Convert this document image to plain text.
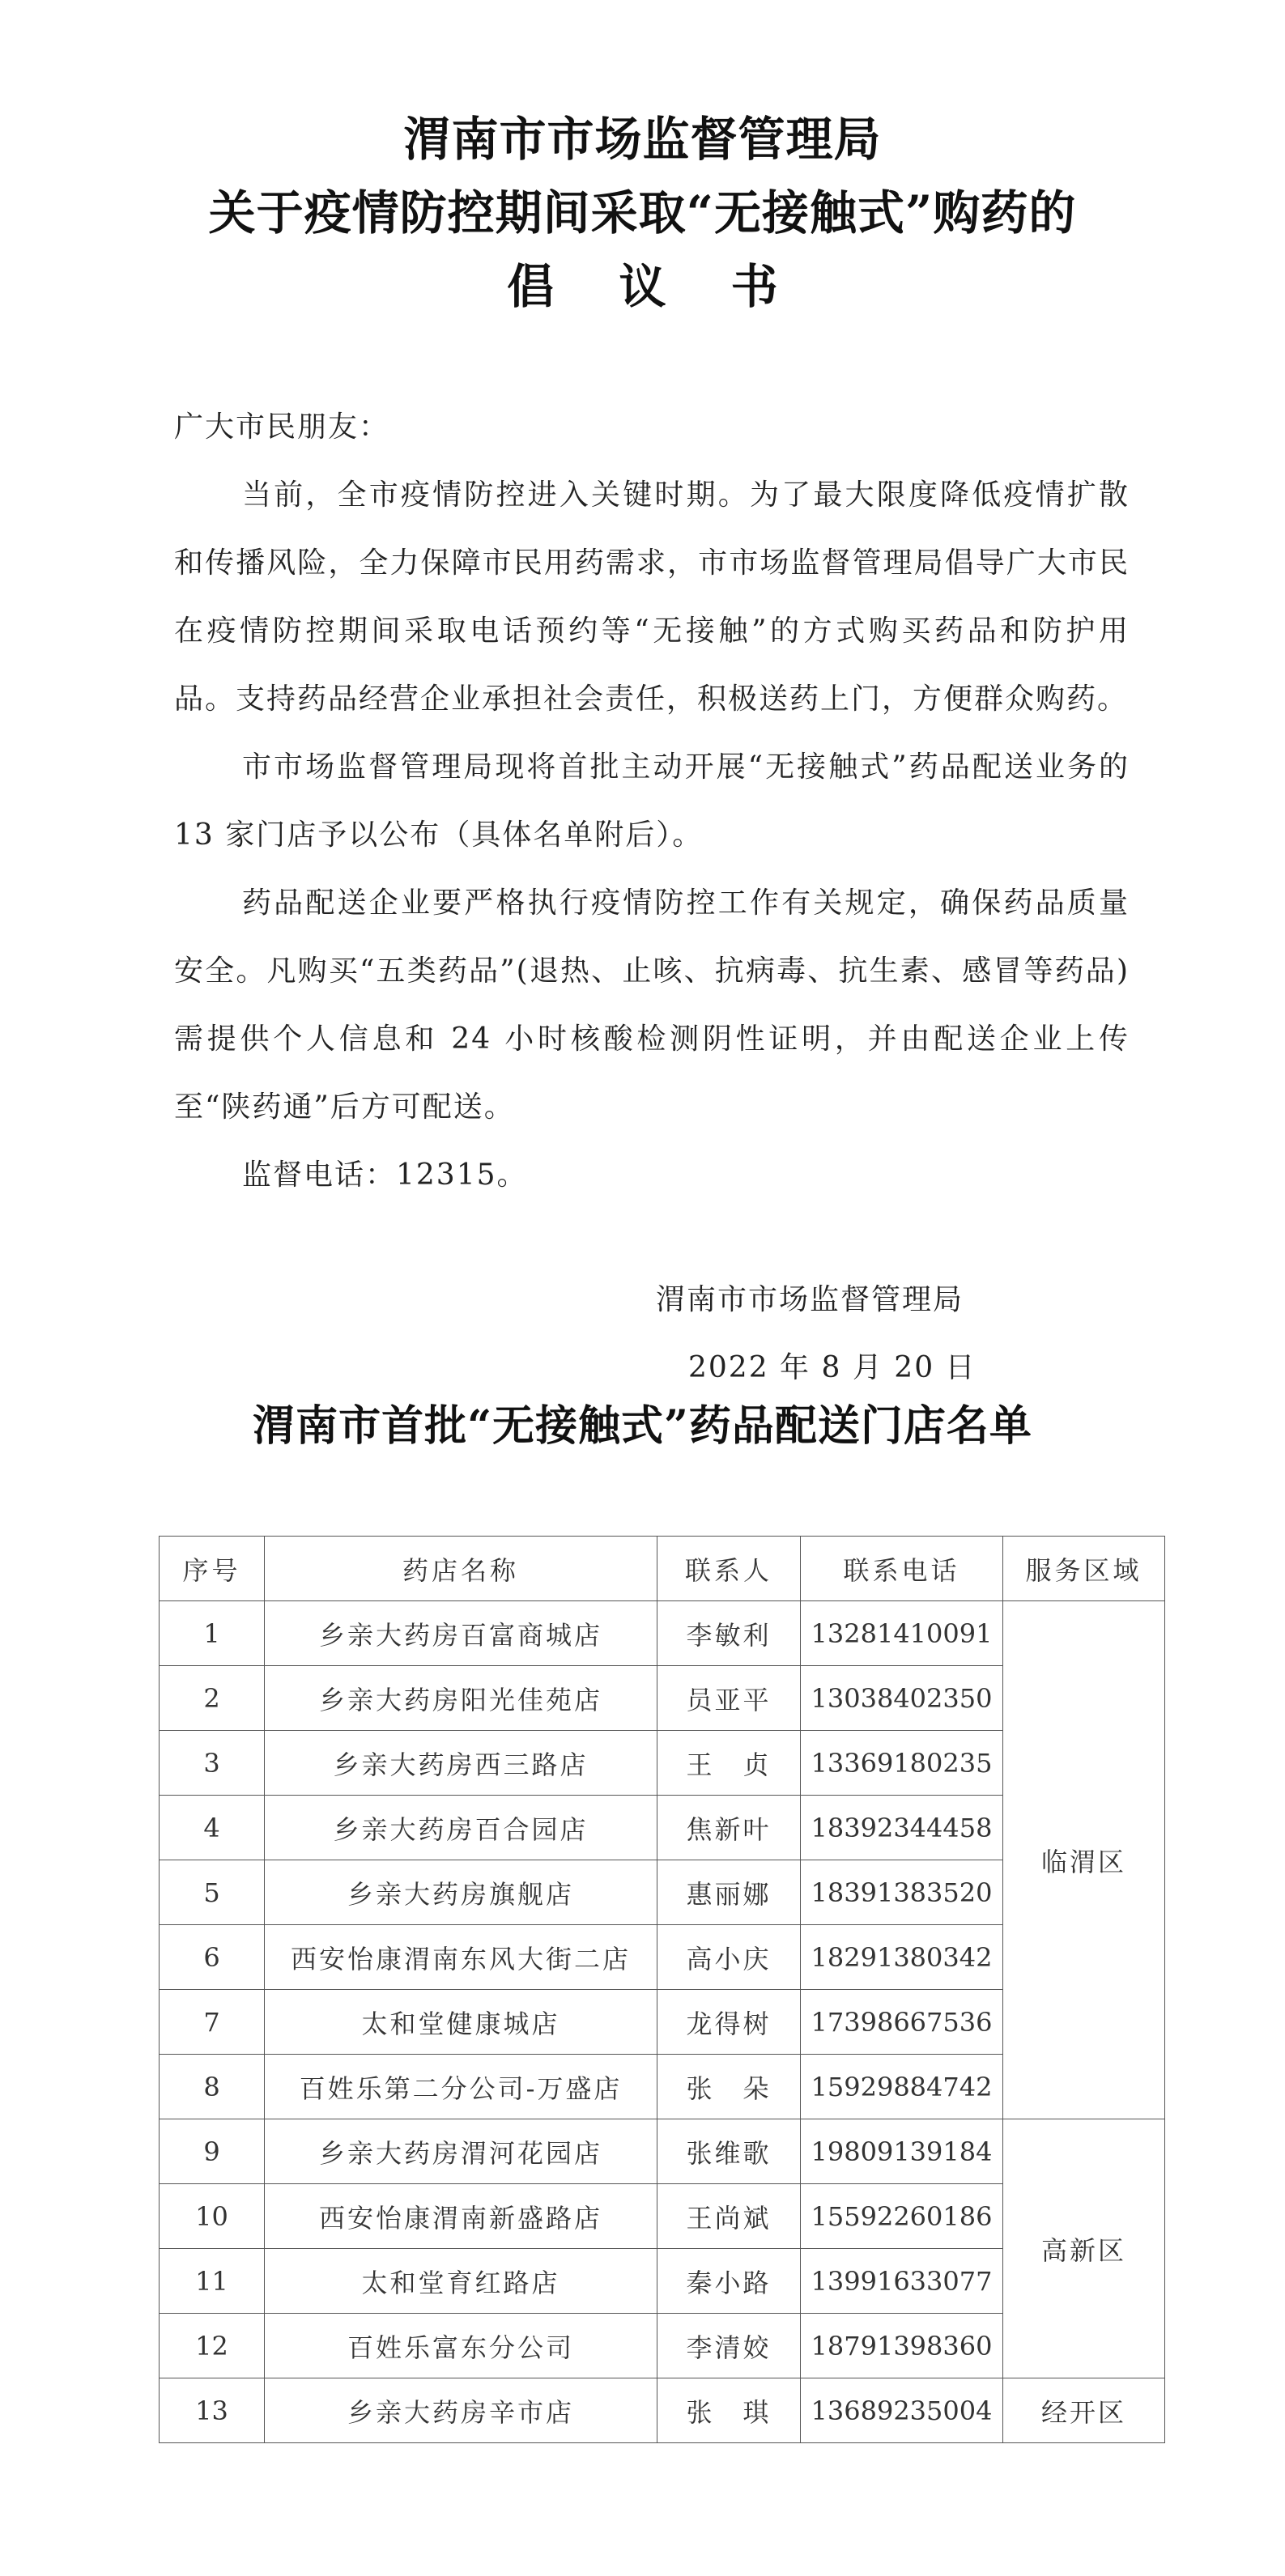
渭南市市场监督管理局
关于疫情防控期间采取“无接触式”购药的
倡 议 书

广大市民朋友：

当前，全市疫情防控进入关键时期。为了最大限度降低疫情扩散和传播风险，全力保障市民用药需求，市市场监督管理局倡导广大市民在疫情防控期间采取电话预约等“无接触”的方式购买药品和防护用品。支持药品经营企业承担社会责任，积极送药上门，方便群众购药。

市市场监督管理局现将首批主动开展“无接触式”药品配送业务的 13 家门店予以公布（具体名单附后）。

药品配送企业要严格执行疫情防控工作有关规定，确保药品质量安全。凡购买“五类药品”(退热、止咳、抗病毒、抗生素、感冒等药品)需提供个人信息和 24 小时核酸检测阴性证明，并由配送企业上传至“陕药通”后方可配送。

监督电话：12315。

渭南市市场监督管理局
2022 年 8 月 20 日
渭南市首批“无接触式”药品配送门店名单
序号	药店名称	联系人	联系电话	服务区域
1	乡亲大药房百富商城店	李敏利	13281410091	临渭区
2	乡亲大药房阳光佳苑店	员亚平	13038402350	
3	乡亲大药房西三路店	王　贞	13369180235	
4	乡亲大药房百合园店	焦新叶	18392344458	
5	乡亲大药房旗舰店	惠丽娜	18391383520	
6	西安怡康渭南东风大街二店	高小庆	18291380342	
7	太和堂健康城店	龙得树	17398667536	
8	百姓乐第二分公司-万盛店	张　朵	15929884742	
9	乡亲大药房渭河花园店	张维歌	19809139184	高新区
10	西安怡康渭南新盛路店	王尚斌	15592260186	
11	太和堂育红路店	秦小路	13991633077	
12	百姓乐富东分公司	李清姣	18791398360	
13	乡亲大药房辛市店	张　琪	13689235004	经开区
